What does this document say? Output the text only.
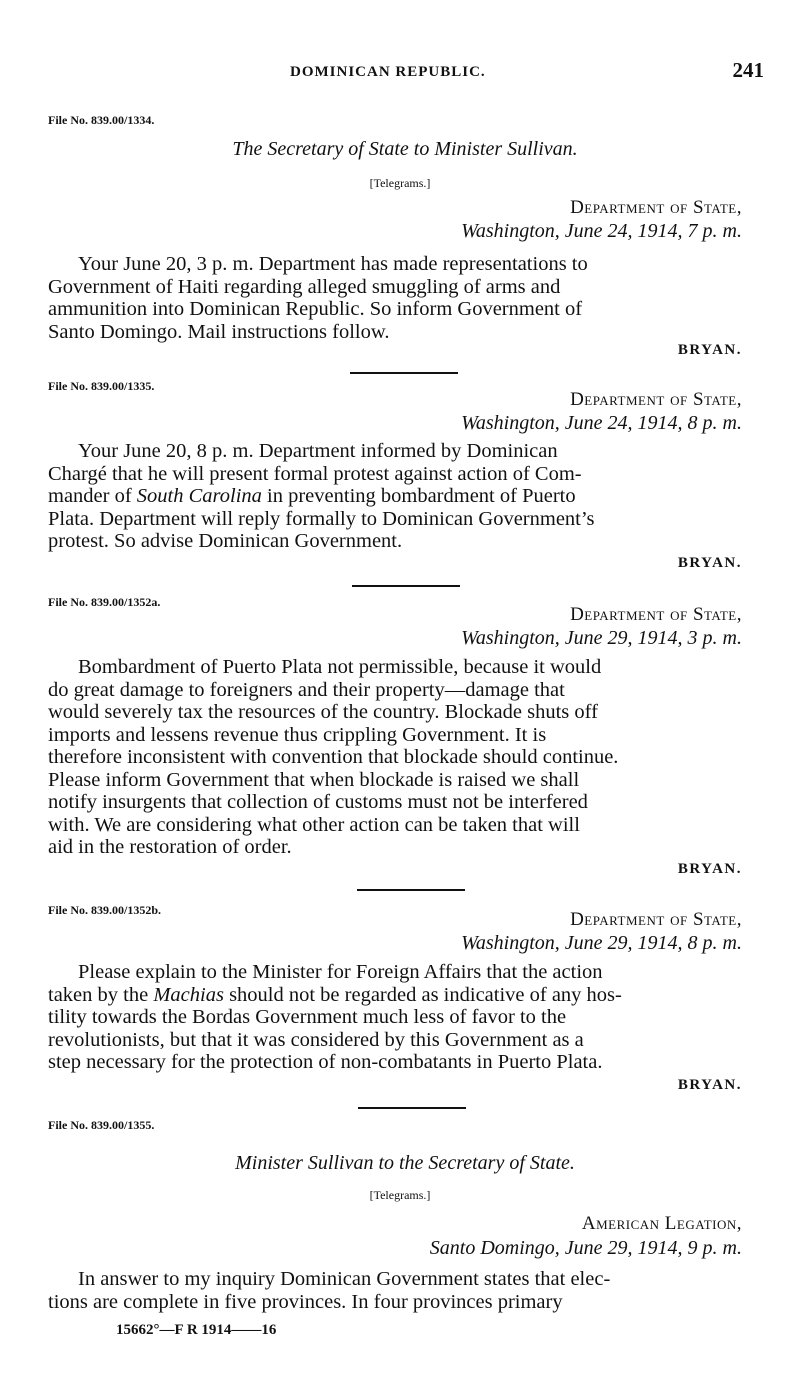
DOMINICAN REPUBLIC.	241
File No. 839.00/1334.
The Secretary of State to Minister Sullivan.
[Telegrams.]
Department of State,
Washington, June 24, 1914, 7 p. m.
Your June 20, 3 p. m. Department has made representations to
Government of Haiti regarding alleged smuggling of arms and
ammunition into Dominican Republic. So inform Government of
Santo Domingo. Mail instructions follow.
BRYAN.
File No. 839.00/1335.
Department of State,
Washington, June 24, 1914, 8 p. m.
Your June 20, 8 p. m. Department informed by Dominican
Chargé that he will present formal protest against action of Com-
mander of South Carolina in preventing bombardment of Puerto
Plata. Department will reply formally to Dominican Government’s
protest. So advise Dominican Government.
BRYAN.
File No. 839.00/1352a.
Department of State,
Washington, June 29, 1914, 3 p. m.
Bombardment of Puerto Plata not permissible, because it would
do great damage to foreigners and their property—damage that
would severely tax the resources of the country. Blockade shuts off
imports and lessens revenue thus crippling Government. It is
therefore inconsistent with convention that blockade should continue.
Please inform Government that when blockade is raised we shall
notify insurgents that collection of customs must not be interfered
with. We are considering what other action can be taken that will
aid in the restoration of order.
BRYAN.
File No. 839.00/1352b.	Department of State,
Washington, June 29, 1914, 8 p. m.
Please explain to the Minister for Foreign Affairs that the action
taken by the Machias should not be regarded as indicative of any hos-
tility towards the Bordas Government much less of favor to the
revolutionists, but that it was considered by this Government as a
step necessary for the protection of non-combatants in Puerto Plata.
BRYAN.
File No. 839.00/1355.
Minister Sullivan to the Secretary of State.
[Telegrams.]
American Legation,
Santo Domingo, June 29, 1914, 9 p. m.
In answer to my inquiry Dominican Government states that elec-
tions are complete in five provinces. In four provinces primary
15662°—F R 1914——16
